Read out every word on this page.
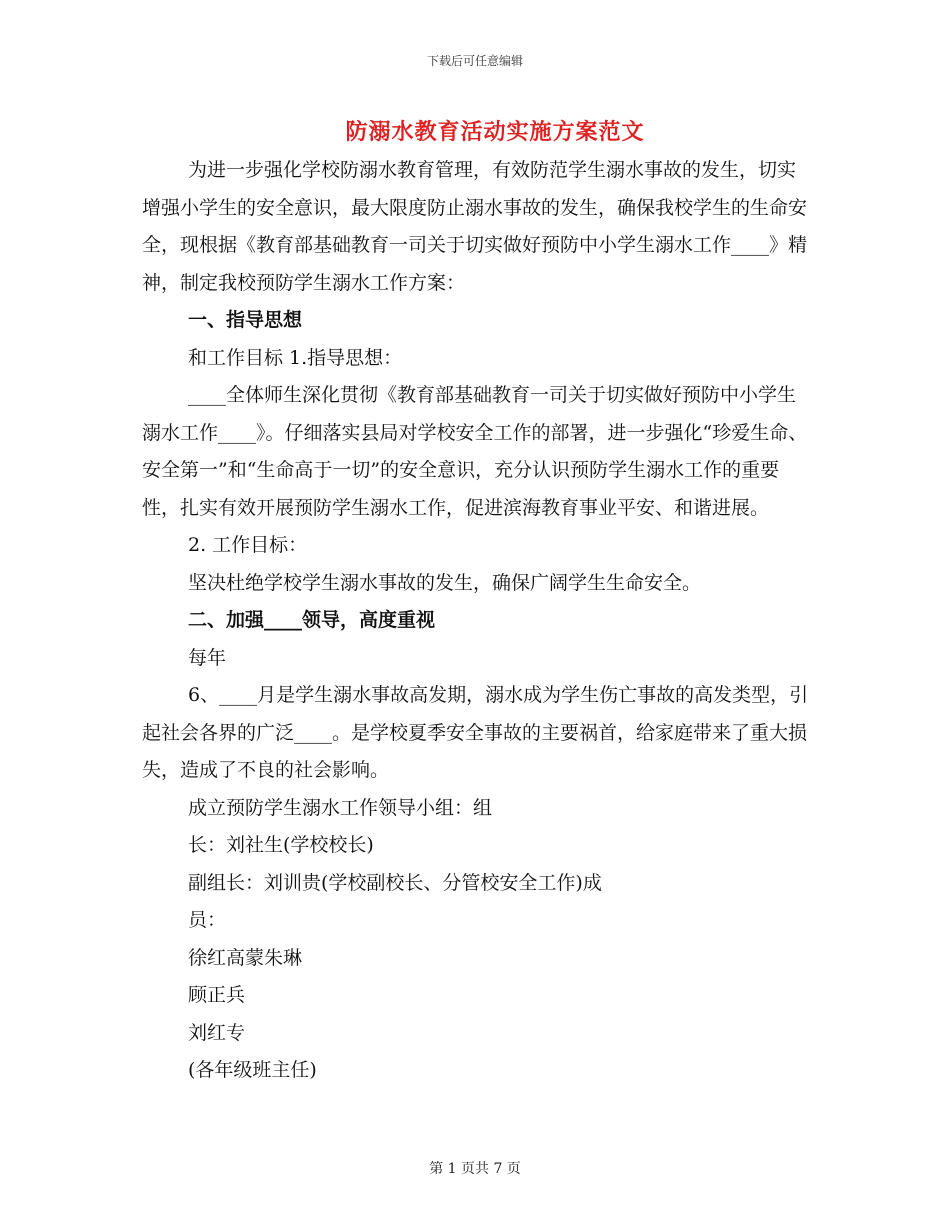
下载后可任意编辑
防溺水教育活动实施方案范文

为进一步强化学校防溺水教育管理，有效防范学生溺水事故的发生，切实增强小学生的安全意识，最大限度防止溺水事故的发生，确保我校学生的生命安全，现根据《教育部基础教育一司关于切实做好预防中小学生溺水工作____》精神，制定我校预防学生溺水工作方案：

一、指导思想

和工作目标 1.指导思想：

____全体师生深化贯彻《教育部基础教育一司关于切实做好预防中小学生溺水工作____》。仔细落实县局对学校安全工作的部署，进一步强化“珍爱生命、安全第一”和“生命高于一切”的安全意识，充分认识预防学生溺水工作的重要性，扎实有效开展预防学生溺水工作，促进滨海教育事业平安、和谐进展。

2. 工作目标：

坚决杜绝学校学生溺水事故的发生，确保广阔学生生命安全。

二、加强____领导，高度重视

每年

6、____月是学生溺水事故高发期，溺水成为学生伤亡事故的高发类型，引起社会各界的广泛____。是学校夏季安全事故的主要祸首，给家庭带来了重大损失，造成了不良的社会影响。

成立预防学生溺水工作领导小组：组

长：刘社生(学校校长)

副组长：刘训贵(学校副校长、分管校安全工作)成

员：

徐红高蒙朱琳

顾正兵

刘红专

(各年级班主任)

第 1 页共 7 页
